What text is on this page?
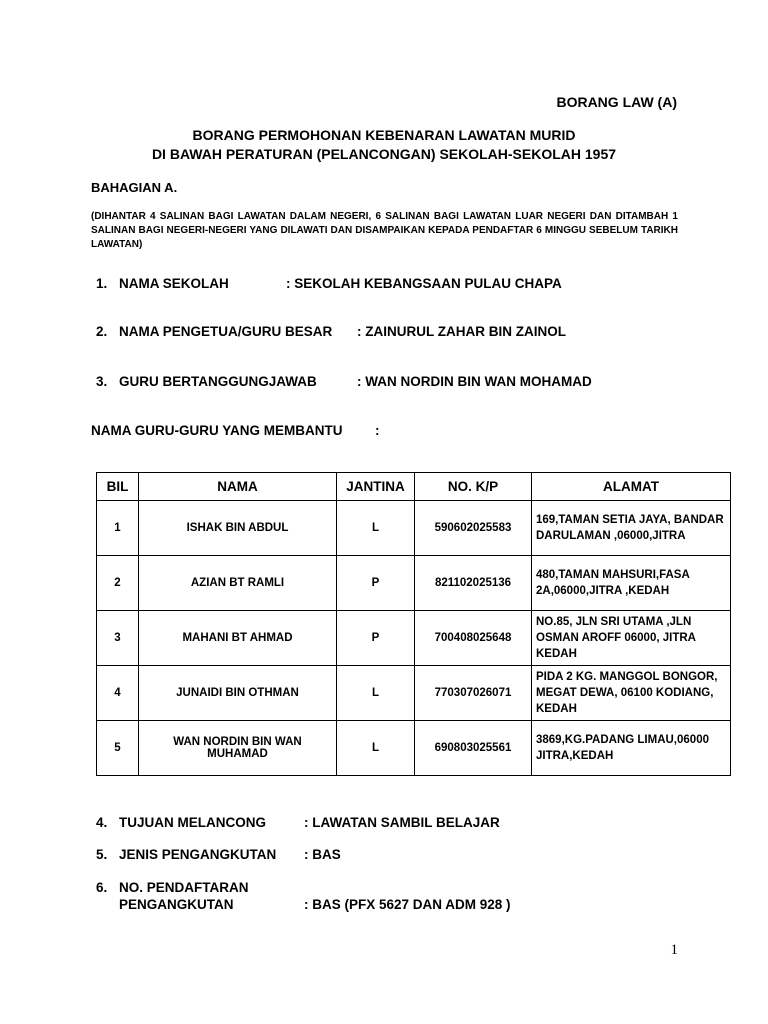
BORANG LAW (A)
BORANG PERMOHONAN KEBENARAN LAWATAN MURID
DI BAWAH PERATURAN (PELANCONGAN) SEKOLAH-SEKOLAH 1957
BAHAGIAN A.
(DIHANTAR 4 SALINAN BAGI LAWATAN DALAM NEGERI, 6 SALINAN BAGI LAWATAN LUAR NEGERI DAN DITAMBAH 1 SALINAN BAGI NEGERI-NEGERI YANG DILAWATI DAN DISAMPAIKAN KEPADA PENDAFTAR 6 MINGGU SEBELUM TARIKH LAWATAN)
1. NAMA SEKOLAH	: SEKOLAH KEBANGSAAN PULAU CHAPA
2. NAMA PENGETUA/GURU BESAR : ZAINURUL ZAHAR BIN ZAINOL
3. GURU BERTANGGUNGJAWAB	: WAN NORDIN BIN WAN MOHAMAD
NAMA GURU-GURU YANG MEMBANTU :
BIL	NAMA	JANTINA	NO. K/P	ALAMAT
1	ISHAK BIN ABDUL	L	590602025583	169,TAMAN SETIA JAYA, BANDAR DARULAMAN ,06000,JITRA
2	AZIAN BT RAMLI	P	821102025136	480,TAMAN MAHSURI,FASA 2A,06000,JITRA ,KEDAH
3	MAHANI BT AHMAD	P	700408025648	NO.85, JLN SRI UTAMA ,JLN OSMAN AROFF 06000, JITRA KEDAH
4	JUNAIDI BIN OTHMAN	L	770307026071	PIDA 2 KG. MANGGOL BONGOR, MEGAT DEWA, 06100 KODIANG, KEDAH
5	WAN NORDIN BIN WAN MUHAMAD	L	690803025561	3869,KG.PADANG LIMAU,06000 JITRA,KEDAH
4. TUJUAN MELANCONG	: LAWATAN SAMBIL BELAJAR
5. JENIS PENGANGKUTAN : BAS
6. NO. PENDAFTARAN
PENGANGKUTAN	: BAS (PFX 5627 DAN ADM 928 )
1
